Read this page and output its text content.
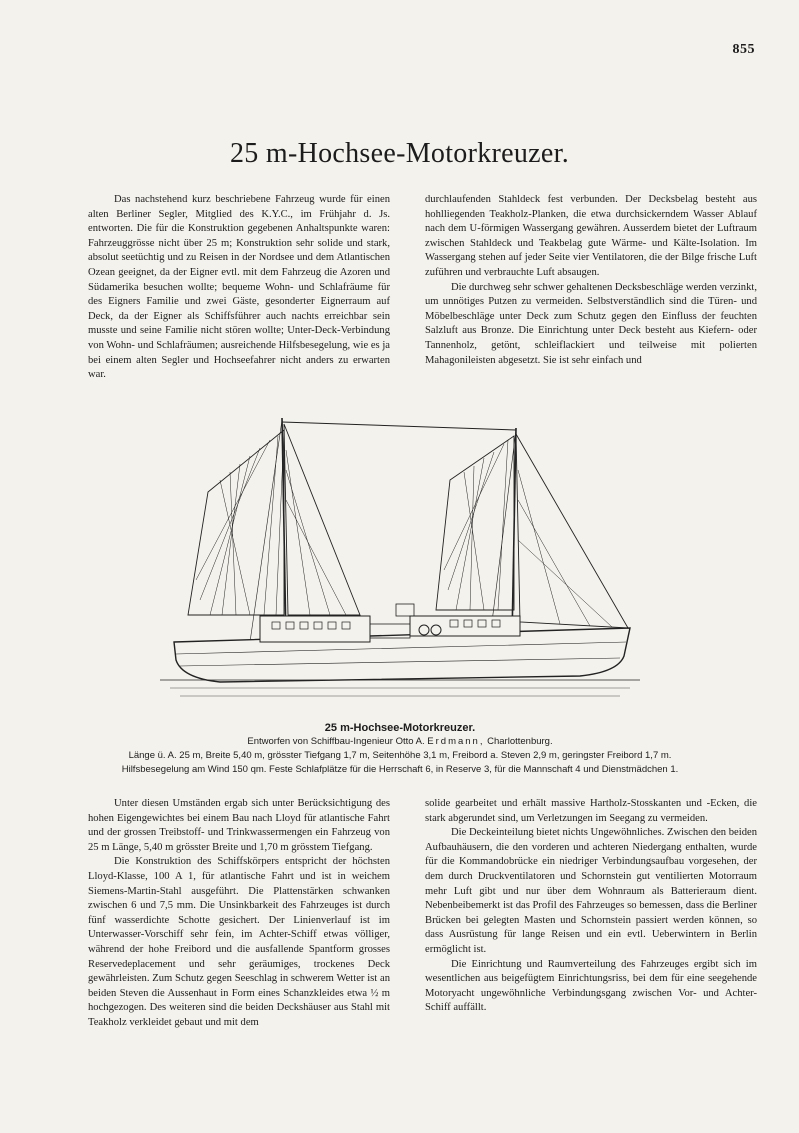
855
25 m-Hochsee-Motorkreuzer.

Das nachstehend kurz beschriebene Fahrzeug wurde für einen alten Berliner Segler, Mitglied des K.Y.C., im Frühjahr d. Js. entworten. Die für die Konstruktion gegebenen Anhaltspunkte waren: Fahrzeuggrösse nicht über 25 m; Konstruktion sehr solide und stark, absolut seetüchtig und zu Reisen in der Nordsee und dem Atlantischen Ozean geeignet, da der Eigner evtl. mit dem Fahrzeug die Azoren und Südamerika besuchen wollte; bequeme Wohn- und Schlafräume für des Eigners Familie und zwei Gäste, gesonderter Eignerraum auf Deck, da der Eigner als Schiffsführer auch nachts erreichbar sein musste und seine Familie nicht stören wollte; Unter-Deck-Verbindung von Wohn- und Schlafräumen; ausreichende Hilfsbesegelung, wie es ja bei einem alten Segler und Hochseefahrer nicht anders zu erwarten war.

durchlaufenden Stahldeck fest verbunden. Der Decksbelag besteht aus hohlliegenden Teakholz-Planken, die etwa durchsickerndem Wasser Ablauf nach dem U-förmigen Wassergang gewähren. Ausserdem bietet der Luftraum zwischen Stahldeck und Teakbelag gute Wärme- und Kälte-Isolation. Im Wassergang stehen auf jeder Seite vier Ventilatoren, die der Bilge frische Luft zuführen und verbrauchte Luft absaugen.

Die durchweg sehr schwer gehaltenen Decksbeschläge werden verzinkt, um unnötiges Putzen zu vermeiden. Selbstverständlich sind die Türen- und Möbelbeschläge unter Deck zum Schutz gegen den Einfluss der feuchten Salzluft aus Bronze. Die Einrichtung unter Deck besteht aus Kiefern- oder Tannenholz, getönt, schleiflackiert und teilweise mit polierten Mahagonileisten abgesetzt. Sie ist sehr einfach und

25 m-Hochsee-Motorkreuzer.
Entworfen von Schiffbau-Ingenieur Otto A. Erdmann, Charlottenburg.
Länge ü. A. 25 m, Breite 5,40 m, grösster Tiefgang 1,7 m, Seitenhöhe 3,1 m, Freibord a. Steven 2,9 m, geringster Freibord 1,7 m.
Hilfsbesegelung am Wind 150 qm. Feste Schlafplätze für die Herrschaft 6, in Reserve 3, für die Mannschaft 4 und Dienstmädchen 1.

Unter diesen Umständen ergab sich unter Berücksichtigung des hohen Eigengewichtes bei einem Bau nach Lloyd für atlantische Fahrt und der grossen Treibstoff- und Trinkwassermengen ein Fahrzeug von 25 m Länge, 5,40 m grösster Breite und 1,70 m grösstem Tiefgang.

Die Konstruktion des Schiffskörpers entspricht der höchsten Lloyd-Klasse, 100 A 1, für atlantische Fahrt und ist in weichem Siemens-Martin-Stahl ausgeführt. Die Plattenstärken schwanken zwischen 6 und 7,5 mm. Die Unsinkbarkeit des Fahrzeuges ist durch fünf wasserdichte Schotte gesichert. Der Linienverlauf ist im Unterwasser-Vorschiff sehr fein, im Achter-Schiff etwas völliger, während der hohe Freibord und die ausfallende Spantform grosses Reservedeplacement und sehr geräumiges, trockenes Deck gewährleisten. Zum Schutz gegen Seeschlag in schwerem Wetter ist an beiden Steven die Aussenhaut in Form eines Schanzkleides etwa ½ m hochgezogen. Des weiteren sind die beiden Deckshäuser aus Stahl mit Teakholz verkleidet gebaut und mit dem

solide gearbeitet und erhält massive Hartholz-Stosskanten und -Ecken, die stark abgerundet sind, um Verletzungen im Seegang zu vermeiden.

Die Deckeinteilung bietet nichts Ungewöhnliches. Zwischen den beiden Aufbauhäusern, die den vorderen und achteren Niedergang enthalten, wurde für die Kommandobrücke ein niedriger Verbindungsaufbau vorgesehen, der dem durch Druckventilatoren und Schornstein gut ventilierten Motorraum mehr Luft gibt und nur über dem Wohnraum als Batterieraum dient. Nebenbeibemerkt ist das Profil des Fahrzeuges so bemessen, dass die Berliner Brücken bei gelegten Masten und Schornstein passiert werden können, so dass Ausrüstung für lange Reisen und ein evtl. Ueberwintern in Berlin ermöglicht ist.

Die Einrichtung und Raumverteilung des Fahrzeuges ergibt sich im wesentlichen aus beigefügtem Einrichtungsriss, bei dem für eine seegehende Motoryacht ungewöhnliche Verbindungsgang zwischen Vor- und Achter-Schiff auffällt.
